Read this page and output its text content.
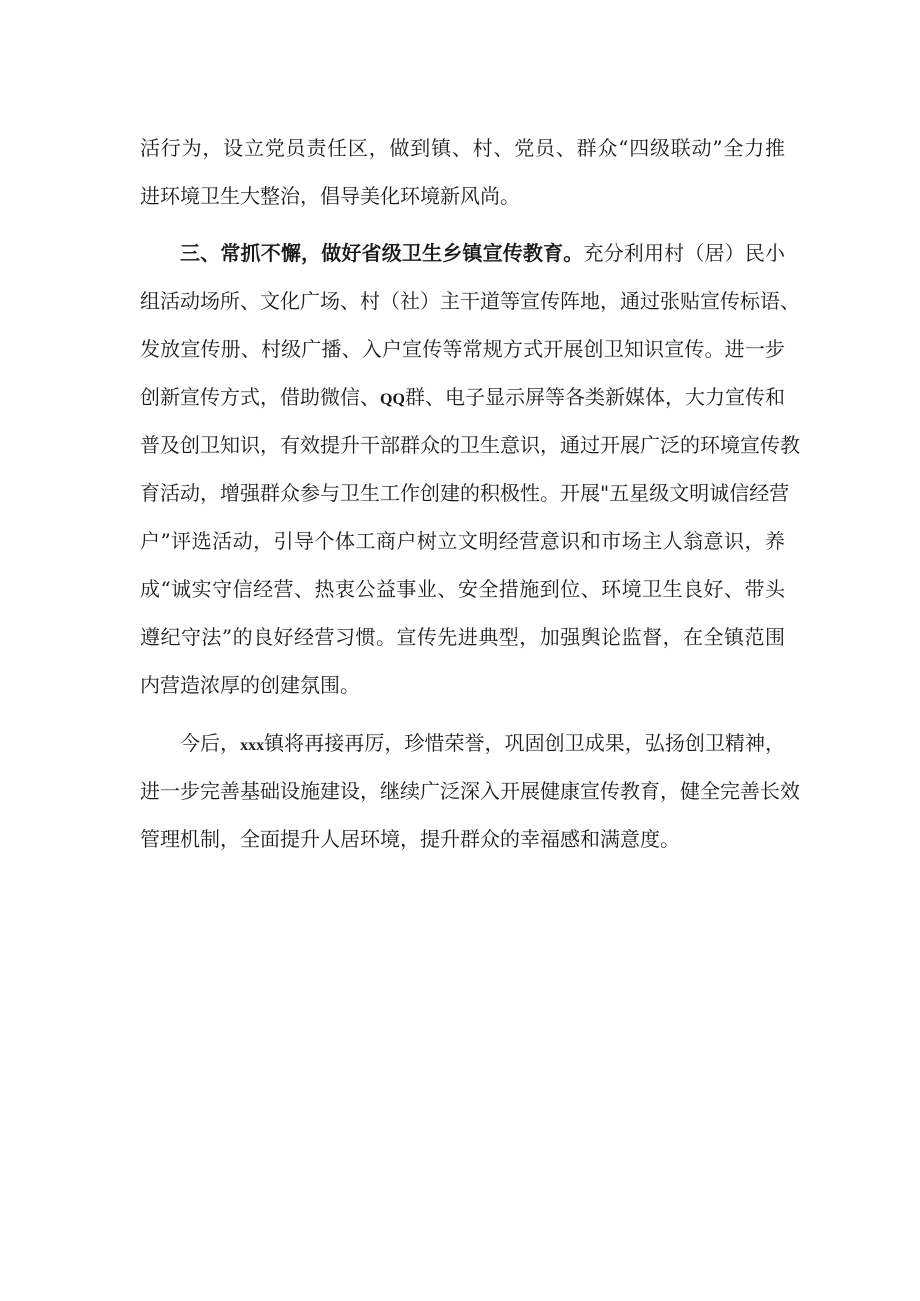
活行为，设立党员责任区，做到镇、村、党员、群众“四级联动”全力推
进环境卫生大整治，倡导美化环境新风尚。
三、常抓不懈，做好省级卫生乡镇宣传教育。充分利用村（居）民小
组活动场所、文化广场、村（社）主干道等宣传阵地，通过张贴宣传标语、
发放宣传册、村级广播、入户宣传等常规方式开展创卫知识宣传。进一步
创新宣传方式，借助微信、QQ群、电子显示屏等各类新媒体，大力宣传和
普及创卫知识，有效提升干部群众的卫生意识，通过开展广泛的环境宣传教
育活动，增强群众参与卫生工作创建的积极性。开展"五星级文明诚信经营
户”评选活动，引导个体工商户树立文明经营意识和市场主人翁意识，养
成“诚实守信经营、热衷公益事业、安全措施到位、环境卫生良好、带头
遵纪守法”的良好经营习惯。宣传先进典型，加强舆论监督，在全镇范围
内营造浓厚的创建氛围。
今后，xxx镇将再接再厉，珍惜荣誉，巩固创卫成果，弘扬创卫精神，
进一步完善基础设施建设，继续广泛深入开展健康宣传教育，健全完善长效
管理机制，全面提升人居环境，提升群众的幸福感和满意度。
